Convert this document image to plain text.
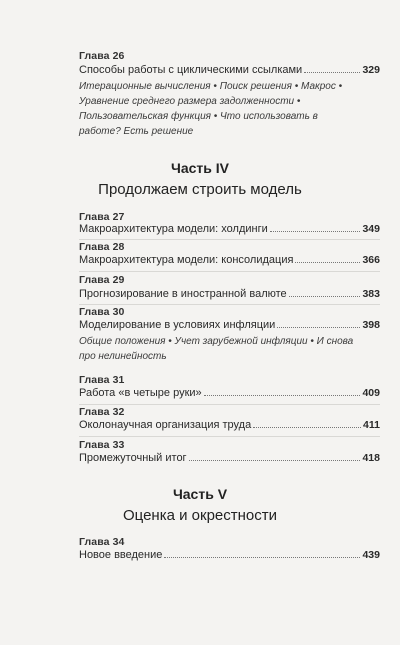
Глава 26
Способы работы с циклическими ссылками	329
Итерационные вычисления • Поиск решения • Макрос • Уравнение среднего размера задолженности • Пользовательская функция • Что использовать в работе? Есть решение
Часть IV
Продолжаем строить модель
Глава 27
Макроархитектура модели: холдинги	349
Глава 28
Макроархитектура модели: консолидация	366
Глава 29
Прогнозирование в иностранной валюте	383
Глава 30
Моделирование в условиях инфляции	398
Общие положения • Учет зарубежной инфляции • И снова про нелинейность
Глава 31
Работа «в четыре руки»	409
Глава 32
Околонаучная организация труда	411
Глава 33
Промежуточный итог	418
Часть V
Оценка и окрестности
Глава 34
Новое введение	439
